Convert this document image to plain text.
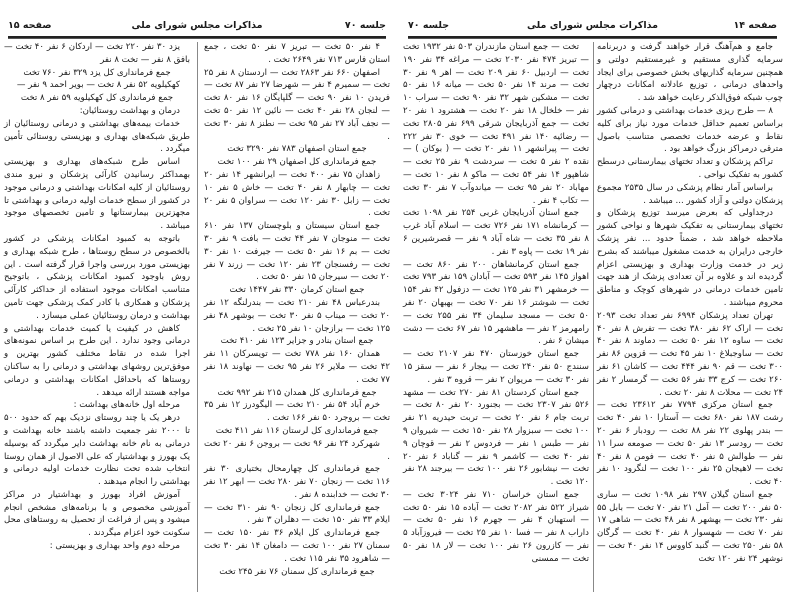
جلسه ۷۰
مذاکرات مجلس شورای ملی
صفحه ۱۵

۴ نفر ۵۰ تخت — تبریز ۷ نفر ۵۰ تخت ، جمع استان فارس ۷۱۳ نفر ۲۶۴۹ تخت .

اصفهان ۶۶۰ نفر ۲۸۶۳ تخت — اردستان ۸ نفر ۲۵ تخت — سمیرم ۴ نفر — شهرضا ۲۷ نفر ۸۷ تخت — فریدن ۱۰ نفر ۹۰ تخت — گلپایگان ۱۶ نفر ۸۰ تخت — لنجان ۲۸ نفر ۴۰ تخت — نائین ۱۲ نفر ۵۰ تخت — نجف آباد ۲۷ نفر ۹۵ تخت — نطنز ۸ نفر ۳۰ تخت .

جمع استان اصفهان ۷۸۳ نفر ۳۲۹۰ تخت

جمع فرمانداری کل اصفهان ۲۹ نفر ۱۰۰ تخت

زاهدان ۷۵ نفر ۴۰۰ تخت — ایرانشهر ۱۴ نفر ۲۰ تخت — چابهار ۸ نفر ۴۰ تخت — خاش ۵ نفر ۱۰ تخت — زابل ۳۰ نفر ۱۲۰ تخت — سراوان ۵ نفر ۲۰ تخت .

جمع استان سیستان و بلوچستان ۱۳۷ نفر ۶۱۰ تخت — منوجان ۷ نفر ۴۴ تخت — بافت ۹ نفر ۳۰ تخت — بم ۱۶ نفر ۵۰ تخت — جیرفت ۱۰ نفر ۳۰ تخت — رفسنجان ۲۳ نفر ۱۲۰ تخت — زرند ۷ نفر ۲۰ تخت — سیرجان ۱۵ نفر ۵۰ تخت .

جمع استان کرمان ۳۳۰ نفر ۱۴۴۷ تخت

بندرعباس ۴۸ نفر ۲۱۰ تخت — بندرلنگه ۱۲ نفر ۲۰ تخت — میناب ۵ نفر ۳۰ تخت — بوشهر ۴۸ نفر ۱۲۵ تخت — برازجان ۱۰ نفر ۲۵ تخت .

جمع استان بنادر و جزایر ۱۲۳ نفر ۴۱۰ تخت

همدان ۱۶۰ نفر ۷۷۸ تخت — تویسرکان ۱۱ نفر ۴۲ تخت — ملایر ۲۶ نفر ۹۵ تخت — نهاوند ۱۸ نفر ۷۷ تخت .

جمع فرمانداری کل همدان ۲۱۵ نفر ۹۹۲ تخت

خرم آباد ۵۴ نفر ۲۱۰ تخت — الیگودرز ۱۲ نفر ۳۵ تخت — بروجرد ۵۰ نفر ۱۶۶ تخت .

جمع فرمانداری کل لرستان ۱۱۶ نفر ۴۱۱ تخت

شهرکرد ۲۴ نفر ۹۶ تخت — بروجن ۶ نفر ۲۰ تخت .

جمع فرمانداری کل چهارمحال بختیاری ۳۰ نفر ۱۱۶ تخت — زنجان ۷۰ نفر ۲۸۰ تخت — ابهر ۱۲ نفر ۳۰ تخت — خدابنده ۸ نفر .

جمع فرمانداری کل زنجان ۹۰ نفر ۳۱۰ تخت — ایلام ۳۳ نفر ۱۵۰ تخت — دهلران ۳ نفر .

جمع فرمانداری کل ایلام ۳۶ نفر ۱۵۰ تخت — سمنان ۲۷ نفر ۱۰۰ تخت — دامغان ۱۴ نفر ۳۰ تخت — شاهرود ۳۵ نفر ۱۱۵ تخت .

جمع فرمانداری کل سمنان ۷۶ نفر ۲۴۵ تخت

یزد ۳۰ نفر ۲۲۰ تخت — اردکان ۶ نفر ۴۰ تخت — بافق ۸ نفر — تخت ۸ نفر

جمع فرمانداری کل یزد ۳۲۹ نفر ۷۶۰ تخت

کهکیلویه ۵۲ نفر ۸ تخت — بویر احمد ۹ نفر —

جمع فرمانداری کل کهکیلویه ۵۹ نفر ۸ تخت

درمان و بهداشت روستائیان:

خدمات بیمه‌های بهداشتی و درمانی روستائیان از طریق شبکه‌های بهداری و بهزیستی روستائی تأمین میگردد .

اساس طرح شبکه‌های بهداری و بهزیستی بهمداکثر رسانیدن کارآئی پزشکان و نیرو مندی روستائیان از کلیه امکانات بهداشتی و درمانی موجود در کشور از سطح خدمات اولیه درمانی و بهداشتی تا مجهزترین بیمارستانها و تامین تخصصهای موجود میباشد .

باتوجه به کمبود امکانات پزشکی در کشور بالخصوص در سطح روستاها ، طرح شبکه بهداری و بهزیستی مورد بررسی واجرا قرار گرفته است . این روش باوجود کمبود امکانات پزشکی ، باتوجیح متناسب امکانات موجود استفاده از حداکثر کارآئی پزشکان و همکاری با کادر کمک پزشکی جهت تامین بهداشت و درمان روستائیان عملی میسازد .

کاهش در کیفیت یا کمیت خدمات بهداشتی و درمانی وجود ندارد . این طرح بر اساس نمونه‌های اجرا شده در نقاط مختلف کشور بهترین و موفق‌ترین روشهای بهداشتی و درمانی را به ساکنان روستاها که باحداقل امکانات بهداشتی و درمانی مواجه هستند ارائه میدهد .

مرحله اول خانه‌های بهداشت :

درهر یک یا چند روستای نزدیک بهم که حدود ۵۰۰ تا ۲۰۰۰ نفر جمعیت داشته باشند خانه بهداشت و درمانی به نام خانه بهداشت دایر میگردد که بوسیله یک بهورز و بهداشتیار که علی الاصول از همان روستا انتخاب شده تحت نظارت خدمات اولیه درمانی و بهداشتی را انجام میدهند .

آموزش افراد بهورز و بهداشتیار در مراکز آموزشی مخصوص و با برنامه‌های مشخص انجام میشود و پس از فراغت از تحصیل به روستاهای محل سکونت خود اعزام میگردند .

مرحله دوم واحد بهداری و بهزیستی :

صفحه ۱۴
مذاکرات مجلس شورای ملی
جلسه ۷۰

جامع و هم‌آهنگ قرار خواهند گرفت و دربرنامه سرمایه گذاری مستقیم و غیرمستقیم دولتی و همچنین سرمایه گذاریهای بخش خصوصی برای ایجاد واحدهای درمانی ، توزیع عادلانه امکانات درچهار چوب شبکه فوق‌الذکر رعایت خواهد شد .

۸ — طرح ریزی خدمات بهداشتی و درمانی کشور براساس تعمیم حداقل خدمات مورد نیاز برای کلیه نقاط و عرضه خدمات تخصصی متناسب باصول مترقی درمراکز بزرگ خواهد بود .

تراکم پزشکان و تعداد تختهای بیمارستانی درسطح کشور به تفکیک نواحی .

براساس آمار نظام پزشکی در سال ۲۵۳۵ مجموع پزشکان دولتی و آزاد کشور ... میباشد .

درجداولی که بعرض میرسد توزیع پزشکان و تختهای بیمارستانی به تفکیک شهرها و نواحی کشور ملاحظه خواهد شد ، ضمناً حدود ... نفر پزشک خارجی درایران به خدمت مشغول میباشند که بشرح زیر در خدمت وزارت بهداری و بهزیستی اعزام گردیده اند و علاوه بر آن تعدادی پزشک از هند جهت تامین خدمات درمانی در شهرهای کوچک و مناطق محروم میباشند .

تهران تعداد پزشکان ۶۹۹۴ نفر تعداد تخت ۲۰۹۳ تخت — اراک ۶۲ نفر ۳۸۰ تخت — تفرش ۸ نفر ۴۰ تخت — ساوه ۱۲ نفر ۵۰ تخت — دماوند ۸ نفر ۴۰ تخت — ساوجبلاغ ۱۰ نفر ۴۵ تخت — قزوین ۸۶ نفر ۳۰۰ تخت — قم ۹۰ نفر ۴۴۴ تخت — کاشان ۶۱ نفر ۲۶۰ تخت — کرج ۳۳ نفر ۵۶ تخت — گرمسار ۲ نفر ۲۴ تخت — محلات ۸ نفر ۲۰ تخت .

جمع استان مرکزی ۷۷۹۴ نفر ۲۳۶۱۲ تخت — رشت ۱۸۷ نفر ۶۸۰ تخت — آستارا ۱۰ نفر ۴۰ تخت — بندر پهلوی ۲۲ نفر ۸۸ تخت — رودبار ۶ نفر ۲۰ تخت — رودسر ۱۳ نفر ۵۰ تخت — صومعه سرا ۱۱ نفر — طوالش ۵ نفر ۴۰ تخت — فومن ۸ نفر ۴۰ تخت — لاهیجان ۲۵ نفر ۱۰۰ تخت — لنگرود ۱۰ نفر ۴۰ تخت .

جمع استان گیلان ۲۹۷ نفر ۱۰۹۸ تخت — ساری ۵۰ نفر ۲۰۰ تخت — آمل ۲۱ نفر ۷۰ تخت — بابل ۵۵ نفر ۲۳۰ تخت — بهشهر ۸ نفر ۴۸ تخت — شاهی ۱۷ نفر ۷۰ تخت — شهسوار ۸ نفر ۴۰ تخت — گرگان ۵۸ نفر ۲۵۰ تخت — گنبد کاووس ۱۴ نفر ۴۰ تخت — نوشهر ۲۴ نفر ۱۲۰ تخت

تخت — جمع استان مازندران ۵۰۳ نفر ۱۹۳۲ تخت — تبریز ۴۷۴ نفر ۲۰۳۰ تخت — مراغه ۳۴ نفر ۱۹۰ تخت — اردبیل ۶۰ نفر ۲۰۹ تخت — اهر ۹ نفر ۳۰ تخت — مرند ۱۴ نفر ۵۰ تخت — میانه ۱۶ نفر ۵۰ تخت — مشکین شهر ۳۲ نفر ۹۰ تخت — سراب ۱۰ نفر — خلخال ۱۸ نفر ۲۰ تخت — هشترود ۱ نفر ۲۰ تخت — جمع آذربایجان شرقی ۶۹۹ نفر ۲۸۰۵ تخت — رضائیه ۱۴۰ نفر ۴۹۱ تخت — خوی ۳۰ نفر ۲۲۲ تخت — پیرانشهر ۱۱ نفر ۲۰ تخت — ( بوکان ) — نقده ۲ نفر ۵ تخت — سردشت ۹ نفر ۲۵ تخت — شاهپور ۱۴ نفر ۵۴ تخت — ماکو ۸ نفر ۱۰ تخت — مهاباد ۲۰ نفر ۹۵ تخت — میاندوآب ۷ نفر ۳۰ تخت — تکاب ۴ نفر .

جمع استان آذربایجان غربی ۲۵۴ نفر ۱۰۹۸ تخت — کرمانشاه ۱۷۱ نفر ۷۲۶ تخت — اسلام آباد غرب ۸ نفر ۳۵ تخت — شاه آباد ۹ نفر — قصرشیرین ۶ نفر ۱۹ تخت — پاوه ۳ نفر .

جمع استان کرمانشاهان ۲۰۰ نفر ۸۶۰ تخت — اهواز ۱۴۵ نفر ۵۹۳ تخت — آبادان ۱۵۹ نفر ۷۹۳ تخت — خرمشهر ۳۱ نفر ۱۲۵ تخت — دزفول ۴۲ نفر ۱۵۴ تخت — شوشتر ۱۶ نفر ۷۰ تخت — بهبهان ۲۰ نفر ۵۰ تخت — مسجد سلیمان ۳۴ نفر ۲۵۵ تخت — رامهرمز ۲ نفر — ماهشهر ۱۵ نفر ۶۷ تخت — دشت میشان ۶ نفر .

جمع استان خوزستان ۴۷۰ نفر ۲۱۰۷ تخت — سنندج ۵۰ نفر ۲۴۰ تخت — بیجار ۶ نفر — سقز ۱۵ نفر ۳۰ تخت — مریوان ۲ نفر — قروه ۳ نفر .

جمع استان کردستان ۸۱ نفر ۲۷۰ تخت — مشهد ۵۲۶ نفر ۲۳۰۷ تخت — بجنورد ۲۰ نفر ۸۰ تخت — تربت جام ۶ نفر ۲۰ تخت — تربت حیدریه ۲۱ نفر ۱۰۰ تخت — سبزوار ۲۸ نفر ۱۵۰ تخت — شیروان ۹ نفر — طبس ۱ نفر — فردوس ۲ نفر — قوچان ۹ نفر ۴۰ تخت — کاشمر ۹ نفر — گناباد ۶ نفر ۲۰ تخت — نیشابور ۲۶ نفر ۱۰۰ تخت — بیرجند ۲۸ نفر ۱۲۰ تخت .

جمع استان خراسان ۷۱۰ نفر ۳۰۲۴ تخت — شیراز ۵۲۲ نفر ۲۰۸۲ تخت — آباده ۱۵ نفر ۵۰ تخت — استهبان ۴ نفر — جهرم ۱۶ نفر ۵۰ تخت — داراب ۸ نفر — فسا ۱۰ نفر ۲۵ تخت — فیروزآباد ۵ نفر — کازرون ۲۶ نفر ۱۰۰ تخت — لار ۱۸ نفر ۵۰ تخت — ممسنی
